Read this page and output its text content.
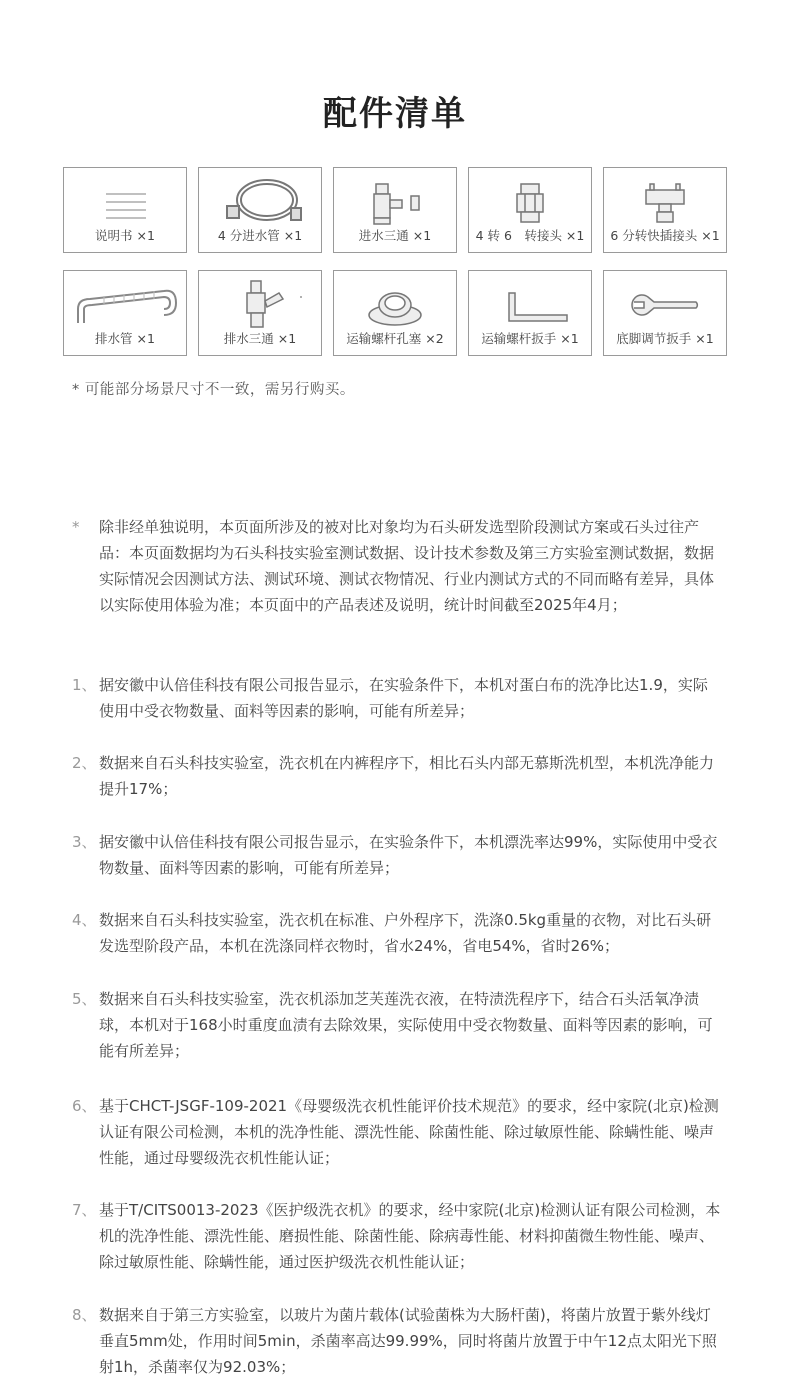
配件清单
说明书 ×1	4 分进水管 ×1	进水三通 ×1	4 转 6　转接头 ×1	6 分转快插接头 ×1
排水管 ×1	排水三通 ×1	运输螺杆孔塞 ×2	运输螺杆扳手 ×1	底脚调节扳手 ×1
* 可能部分场景尺寸不一致，需另行购买。
* 除非经单独说明，本页面所涉及的被对比对象均为石头研发选型阶段测试方案或石头过往产品：本页面数据均为石头科技实验室测试数据、设计技术参数及第三方实验室测试数据，数据实际情况会因测试方法、测试环境、测试衣物情况、行业内测试方式的不同而略有差异，具体以实际使用体验为准；本页面中的产品表述及说明，统计时间截至2025年4月；
1、 据安徽中认倍佳科技有限公司报告显示，在实验条件下，本机对蛋白布的洗净比达1.9，实际使用中受衣物数量、面料等因素的影响，可能有所差异；
2、 数据来自石头科技实验室，洗衣机在内裤程序下，相比石头内部无慕斯洗机型，本机洗净能力提升17%；
3、 据安徽中认倍佳科技有限公司报告显示，在实验条件下，本机漂洗率达99%，实际使用中受衣物数量、面料等因素的影响，可能有所差异；
4、 数据来自石头科技实验室，洗衣机在标准、户外程序下，洗涤0.5kg重量的衣物，对比石头研发选型阶段产品，本机在洗涤同样衣物时，省水24%，省电54%，省时26%；
5、 数据来自石头科技实验室，洗衣机添加芝芙莲洗衣液，在特渍洗程序下，结合石头活氧净渍球，本机对于168小时重度血渍有去除效果，实际使用中受衣物数量、面料等因素的影响，可能有所差异；
6、 基于CHCT-JSGF-109-2021《母婴级洗衣机性能评价技术规范》的要求，经中家院(北京)检测认证有限公司检测，本机的洗净性能、漂洗性能、除菌性能、除过敏原性能、除螨性能、噪声性能，通过母婴级洗衣机性能认证；
7、 基于T/CITS0013-2023《医护级洗衣机》的要求，经中家院(北京)检测认证有限公司检测，本机的洗净性能、漂洗性能、磨损性能、除菌性能、除病毒性能、材料抑菌微生物性能、噪声、除过敏原性能、除螨性能，通过医护级洗衣机性能认证；
8、 数据来自于第三方实验室，以玻片为菌片载体(试验菌株为大肠杆菌)，将菌片放置于紫外线灯垂直5mm处，作用时间5min，杀菌率高达99.99%，同时将菌片放置于中午12点太阳光下照射1h，杀菌率仅为92.03%；
